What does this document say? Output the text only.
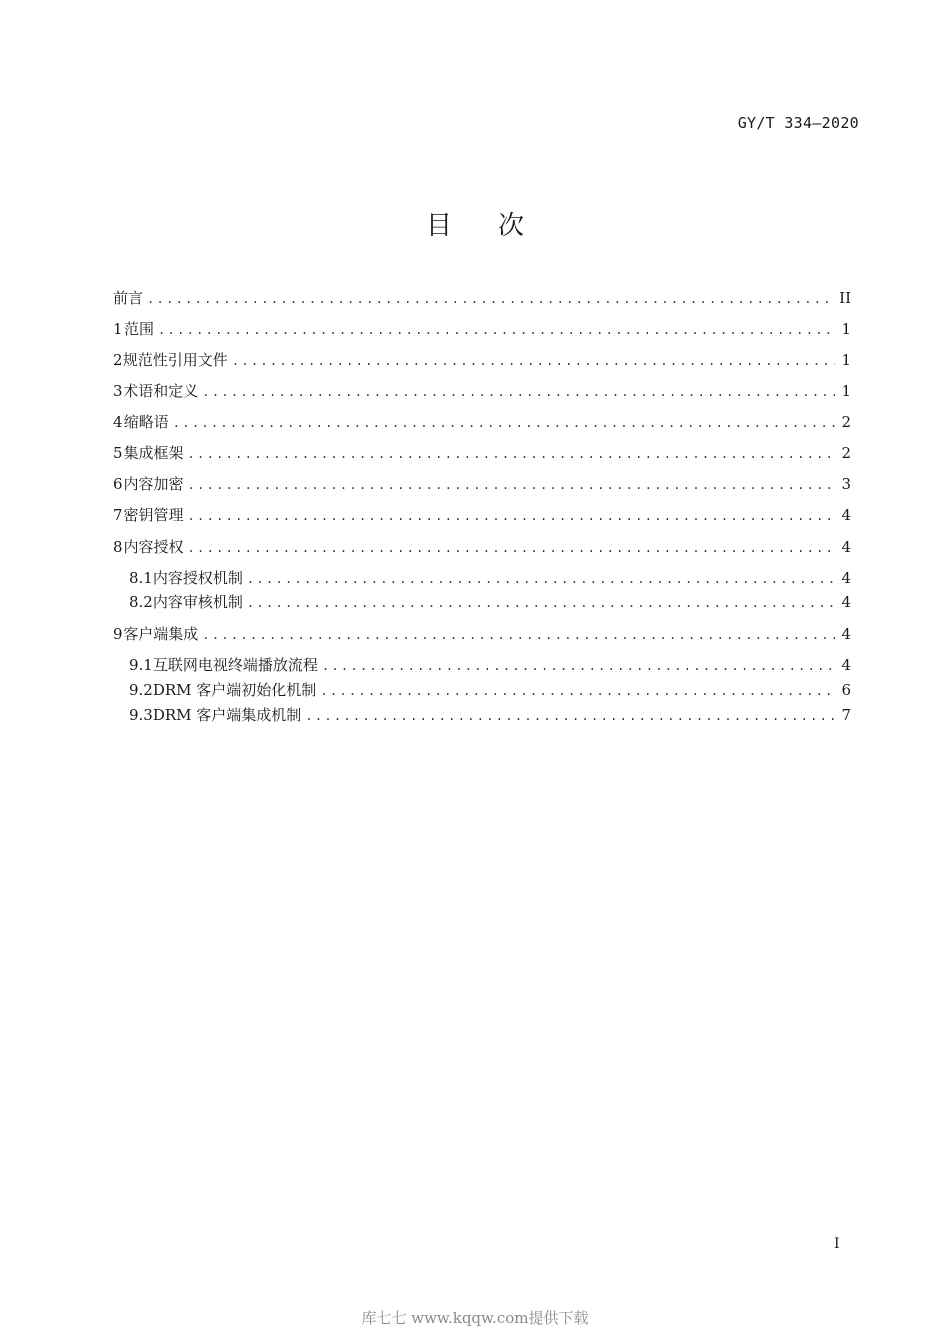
GY/T 334—2020
目次
前言 .....	II
1 范围 .....	1
2 规范性引用文件 .....	1
3 术语和定义 .....	1
4 缩略语 .....	2
5 集成框架 .....	2
6 内容加密 .....	3
7 密钥管理 .....	4
8 内容授权 .....	4
8.1 内容授权机制 .....	4
8.2 内容审核机制 .....	4
9 客户端集成 .....	4
9.1 互联网电视终端播放流程 .....	4
9.2 DRM 客户端初始化机制 .....	6
9.3 DRM 客户端集成机制 .....	7
I
库七七 www.kqqw.com提供下载
